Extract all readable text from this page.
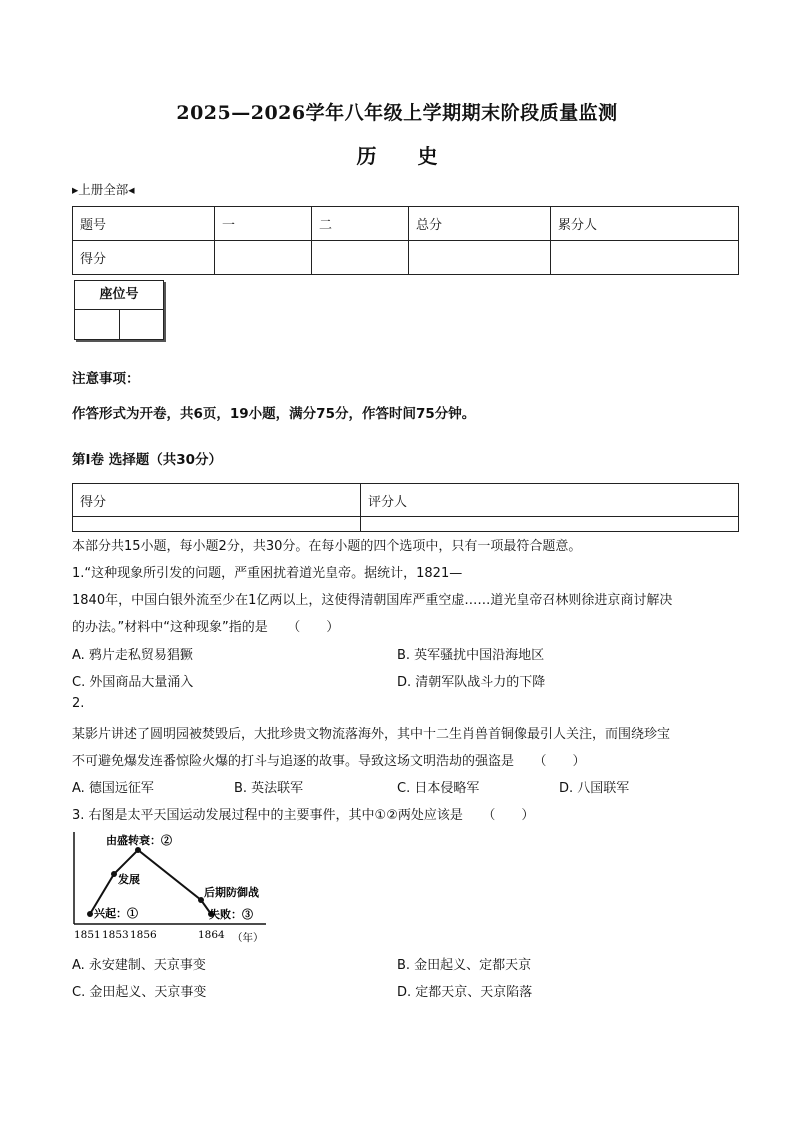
2025—2026学年八年级上学期期末阶段质量监测
历 史
▸上册全部◂
题号	一	二	总分	累分人
得分				
座位号
注意事项：
作答形式为开卷，共6页，19小题，满分75分，作答时间75分钟。
第Ⅰ卷 选择题（共30分）
得分	评分人

本部分共15小题，每小题2分，共30分。在每小题的四个选项中，只有一项最符合题意。
1.“这种现象所引发的问题，严重困扰着道光皇帝。据统计，1821—
1840年，中国白银外流至少在1亿两以上，这使得清朝国库严重空虚……道光皇帝召林则徐进京商讨解决
的办法。”材料中“这种现象”指的是　　（　　）
A. 鸦片走私贸易猖獗	B. 英军骚扰中国沿海地区
C. 外国商品大量涌入	D. 清朝军队战斗力的下降
2.
某影片讲述了圆明园被焚毁后，大批珍贵文物流落海外，其中十二生肖兽首铜像最引人关注，而围绕珍宝
不可避免爆发连番惊险火爆的打斗与追逐的故事。导致这场文明浩劫的强盗是　　（　　）
A. 德国远征军	B. 英法联军	C. 日本侵略军	D. 八国联军
3. 右图是太平天国运动发展过程中的主要事件，其中①②两处应该是　　（　　）
兴起：①
发展
由盛转衰：②
后期防御战
失败：③
1851 1853 1856	1864 （年）
A. 永安建制、天京事变	B. 金田起义、定都天京
C. 金田起义、天京事变	D. 定都天京、天京陷落
